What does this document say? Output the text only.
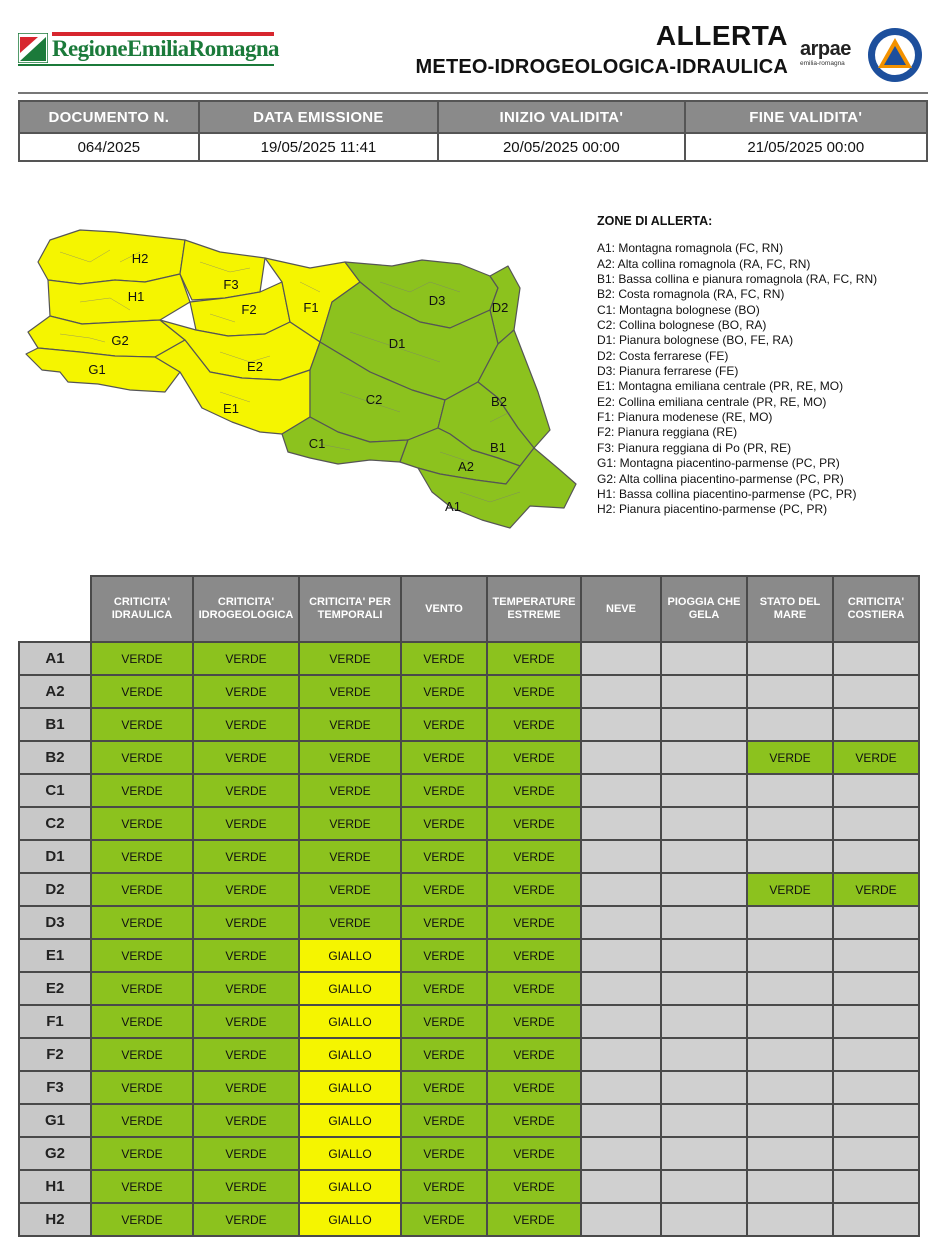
RegioneEmiliaRomagna	ALLERTA
METEO-IDROGEOLOGICA-IDRAULICA
arpae
emilia-romagna
DOCUMENTO N.	DATA EMISSIONE	INIZIO VALIDITA'	FINE VALIDITA'
064/2025	19/05/2025 11:41	20/05/2025 00:00	21/05/2025 00:00
H2
H1
G2
G1
F3
F2	F1
E2
E1
D3	D2
D1
C2
C1
B2
B1
A2
A1
ZONE DI ALLERTA:
A1: Montagna romagnola (FC, RN)
A2: Alta collina romagnola (RA, FC, RN)
B1: Bassa collina e pianura romagnola (RA, FC, RN)
B2: Costa romagnola (RA, FC, RN)
C1: Montagna bolognese (BO)
C2: Collina bolognese (BO, RA)
D1: Pianura bolognese (BO, FE, RA)
D2: Costa ferrarese (FE)
D3: Pianura ferrarese (FE)
E1: Montagna emiliana centrale (PR, RE, MO)
E2: Collina emiliana centrale (PR, RE, MO)
F1: Pianura modenese (RE, MO)
F2: Pianura reggiana (RE)
F3: Pianura reggiana di Po (PR, RE)
G1: Montagna piacentino-parmense (PC, PR)
G2: Alta collina piacentino-parmense (PC, PR)
H1: Bassa collina piacentino-parmense (PC, PR)
H2: Pianura piacentino-parmense (PC, PR)
	CRITICITA' IDRAULICA	CRITICITA' IDROGEOLOGICA	CRITICITA' PER TEMPORALI	VENTO	TEMPERATURE ESTREME	NEVE	PIOGGIA CHE GELA	STATO DEL MARE	CRITICITA' COSTIERA
A1	VERDE	VERDE	VERDE	VERDE	VERDE				
A2	VERDE	VERDE	VERDE	VERDE	VERDE				
B1	VERDE	VERDE	VERDE	VERDE	VERDE				
B2	VERDE	VERDE	VERDE	VERDE	VERDE			VERDE	VERDE
C1	VERDE	VERDE	VERDE	VERDE	VERDE				
C2	VERDE	VERDE	VERDE	VERDE	VERDE				
D1	VERDE	VERDE	VERDE	VERDE	VERDE				
D2	VERDE	VERDE	VERDE	VERDE	VERDE			VERDE	VERDE
D3	VERDE	VERDE	VERDE	VERDE	VERDE				
E1	VERDE	VERDE	GIALLO	VERDE	VERDE				
E2	VERDE	VERDE	GIALLO	VERDE	VERDE				
F1	VERDE	VERDE	GIALLO	VERDE	VERDE				
F2	VERDE	VERDE	GIALLO	VERDE	VERDE				
F3	VERDE	VERDE	GIALLO	VERDE	VERDE				
G1	VERDE	VERDE	GIALLO	VERDE	VERDE				
G2	VERDE	VERDE	GIALLO	VERDE	VERDE				
H1	VERDE	VERDE	GIALLO	VERDE	VERDE				
H2	VERDE	VERDE	GIALLO	VERDE	VERDE				
